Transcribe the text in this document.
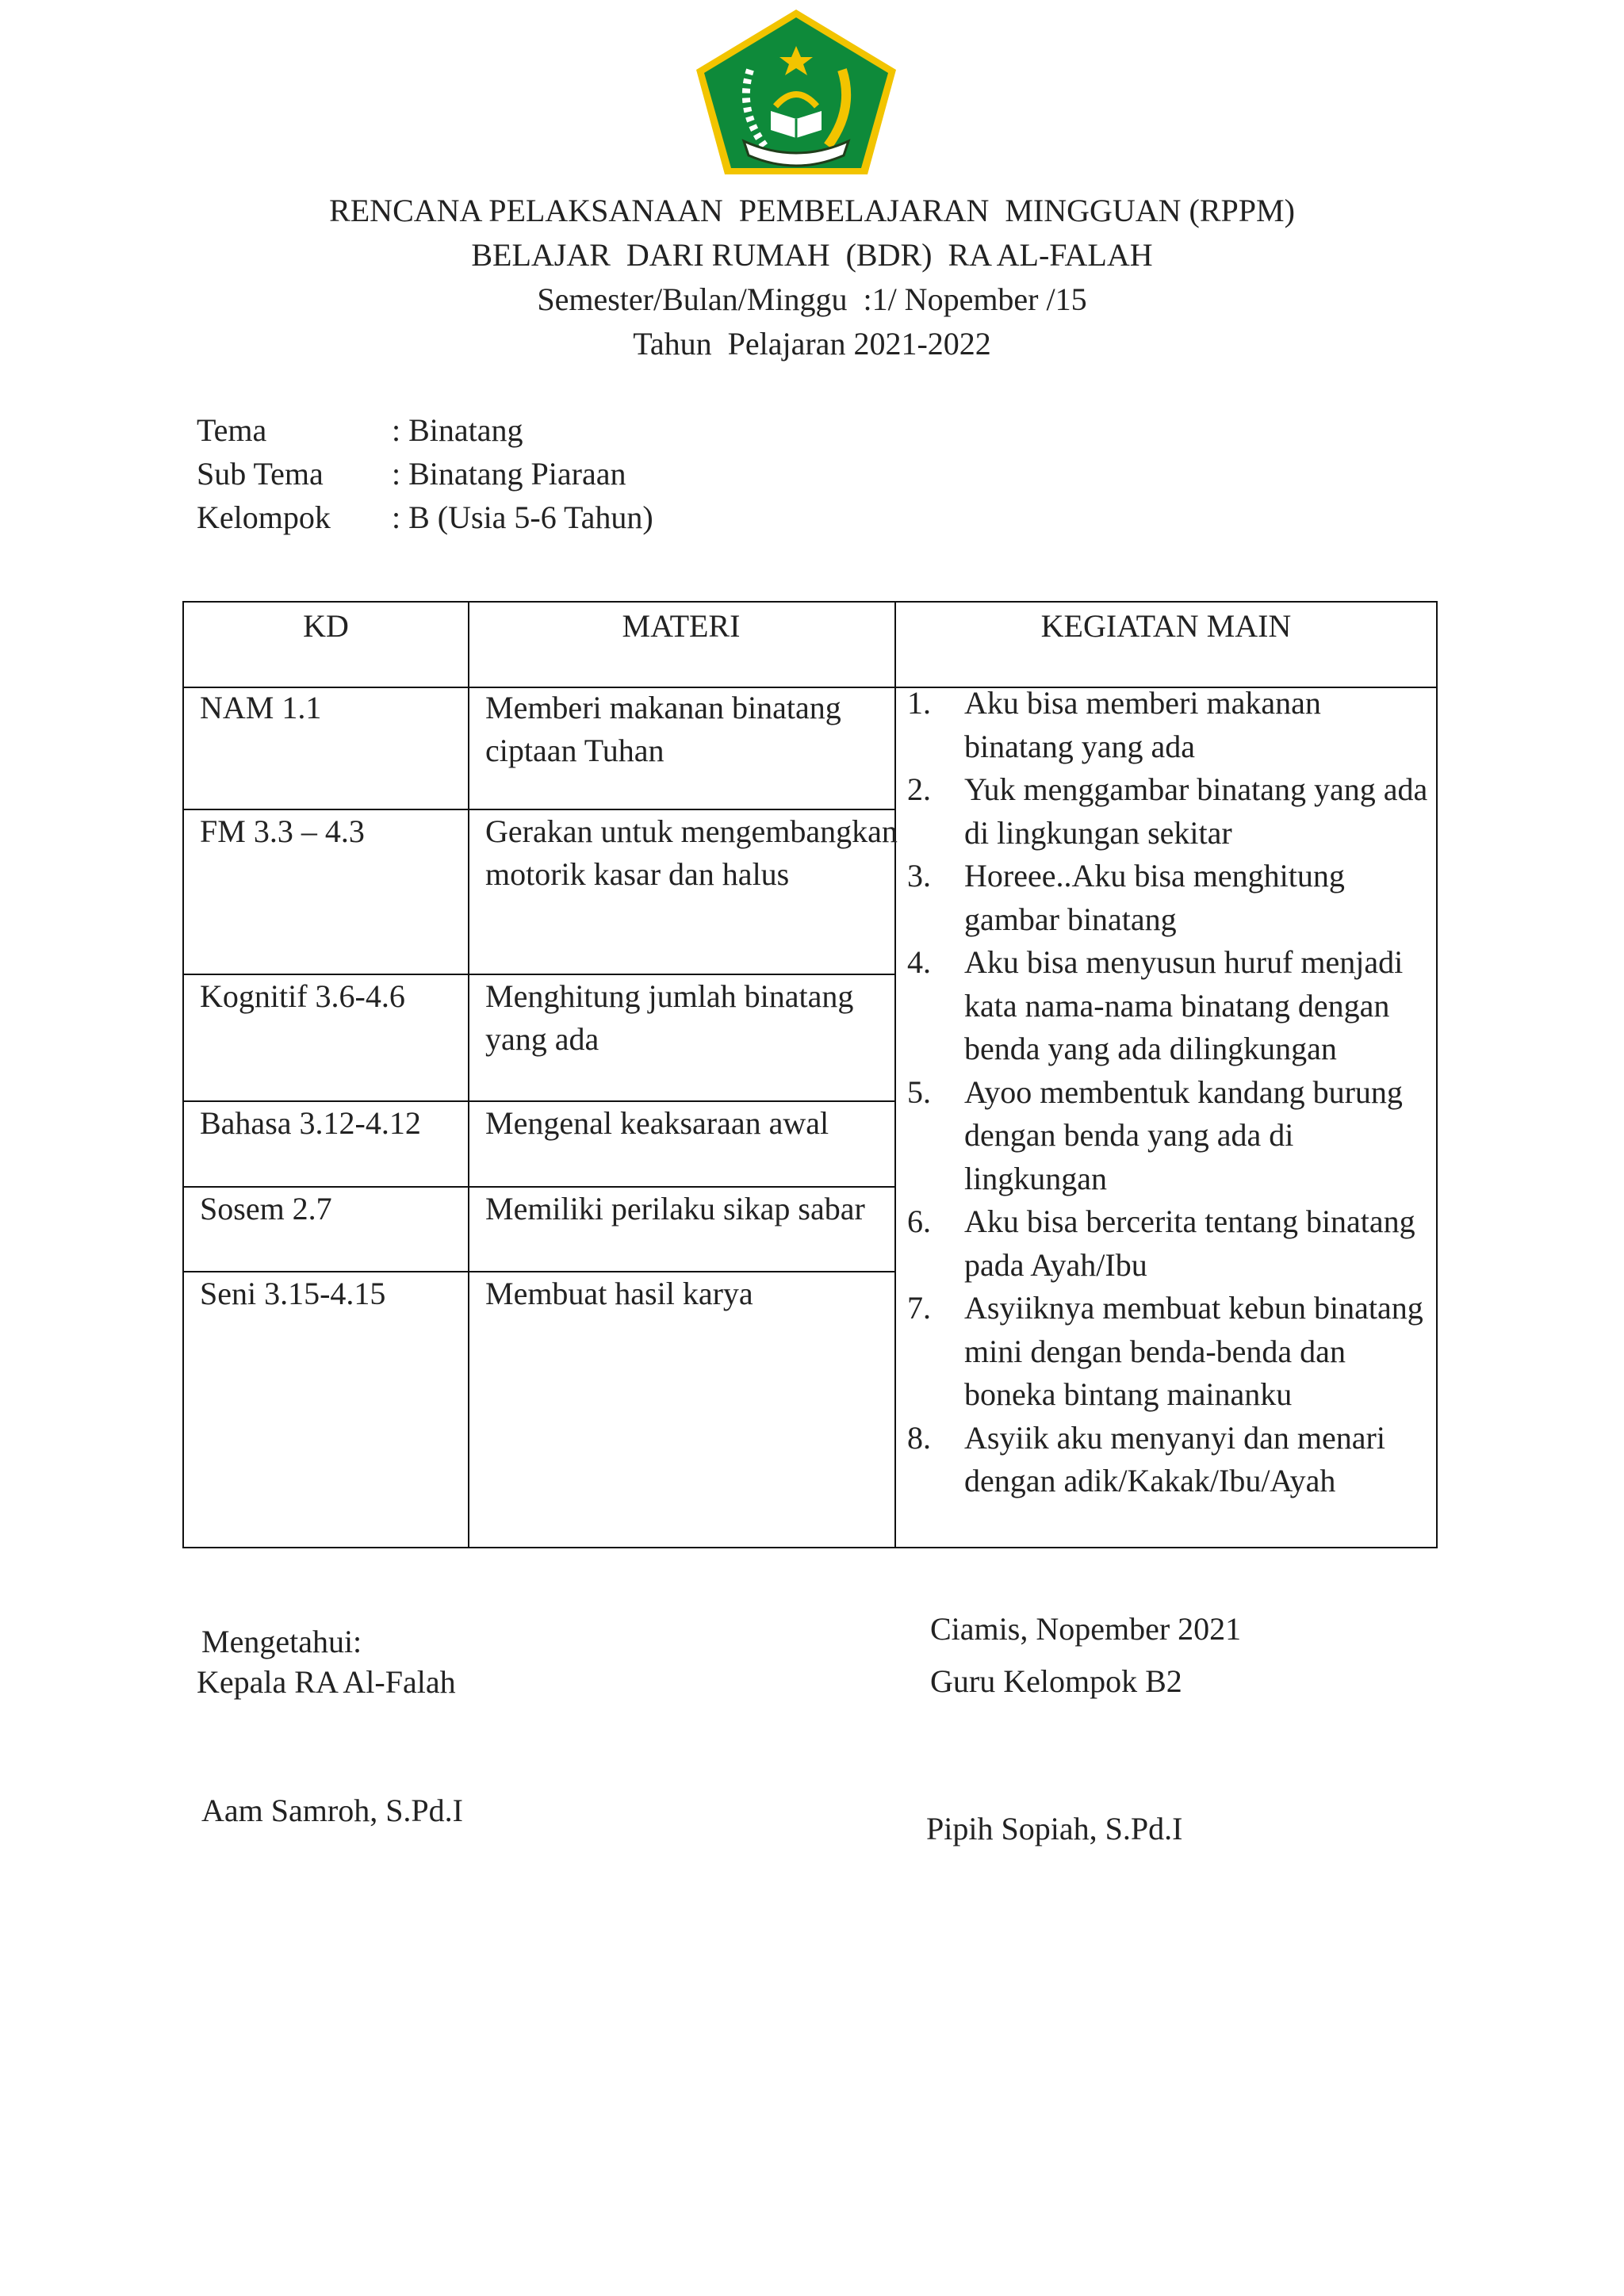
RENCANA PELAKSANAAN  PEMBELAJARAN  MINGGUAN (RPPM)
BELAJAR  DARI RUMAH  (BDR)  RA AL-FALAH
Semester/Bulan/Minggu  :1/ Nopember /15
Tahun  Pelajaran 2021-2022
Tema	: Binatang
Sub Tema : Binatang Piaraan
Kelompok : B (Usia 5-6 Tahun)
KD	MATERI	KEGIATAN MAIN
NAM 1.1	Memberi makanan binatang ciptaan Tuhan
FM 3.3 – 4.3	Gerakan untuk mengembangkan motorik kasar dan halus
Kognitif 3.6-4.6	Menghitung jumlah binatang yang ada
Bahasa 3.12-4.12	Mengenal keaksaraan awal
Sosem 2.7	Memiliki perilaku sikap sabar
Seni 3.15-4.15	Membuat hasil karya
1. Aku bisa memberi makanan binatang yang ada
2. Yuk menggambar binatang yang ada di lingkungan sekitar
3. Horeee..Aku bisa menghitung gambar binatang
4. Aku bisa menyusun huruf menjadi kata nama-nama binatang dengan benda yang ada dilingkungan
5. Ayoo membentuk kandang burung dengan benda yang ada di lingkungan
6. Aku bisa bercerita tentang binatang pada Ayah/Ibu
7. Asyiiknya membuat kebun binatang mini dengan benda-benda dan boneka bintang mainanku
8. Asyiik aku menyanyi dan menari dengan adik/Kakak/Ibu/Ayah
Mengetahui:
Kepala RA Al-Falah
Aam Samroh, S.Pd.I
Ciamis, Nopember 2021
Guru Kelompok B2
Pipih Sopiah, S.Pd.I
